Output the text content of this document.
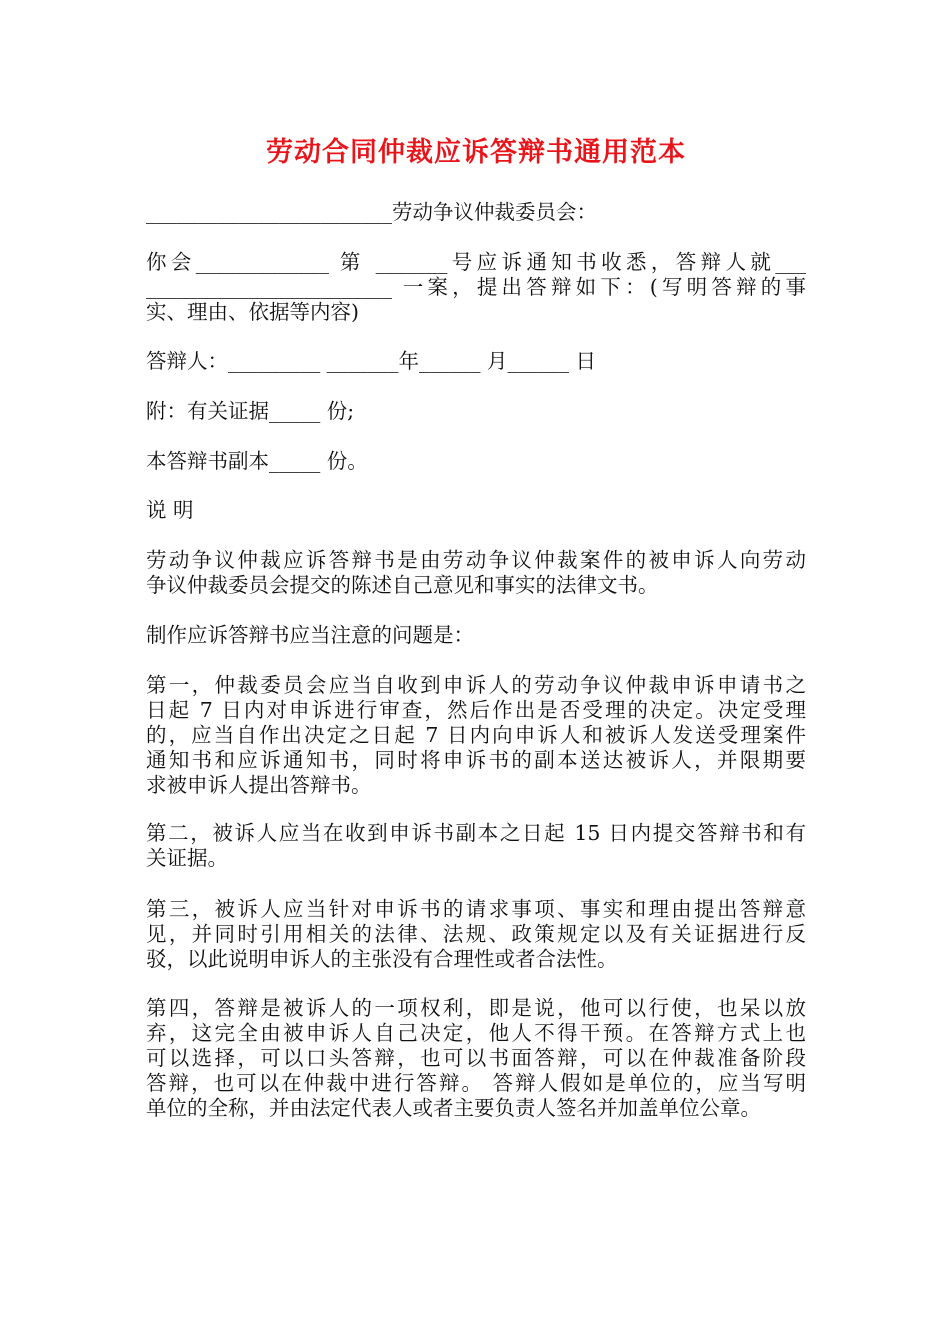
劳动合同仲裁应诉答辩书通用范本
________________________劳动争议仲裁委员会：
你会_____________ 第 _______号应诉通知书收悉，答辩人就___
________________________ 一案，提出答辩如下：(写明答辩的事
实、理由、依据等内容)
答辩人：_________ _______年______ 月______ 日
附：有关证据_____ 份;
本答辩书副本_____ 份。
说 明
劳动争议仲裁应诉答辩书是由劳动争议仲裁案件的被申诉人向劳动
争议仲裁委员会提交的陈述自己意见和事实的法律文书。
制作应诉答辩书应当注意的问题是：
第一，仲裁委员会应当自收到申诉人的劳动争议仲裁申诉申请书之
日起 7 日内对申诉进行审查，然后作出是否受理的决定。决定受理
的，应当自作出决定之日起 7 日内向申诉人和被诉人发送受理案件
通知书和应诉通知书，同时将申诉书的副本送达被诉人，并限期要
求被申诉人提出答辩书。
第二，被诉人应当在收到申诉书副本之日起 15 日内提交答辩书和有
关证据。
第三，被诉人应当针对申诉书的请求事项、事实和理由提出答辩意
见，并同时引用相关的法律、法规、政策规定以及有关证据进行反
驳，以此说明申诉人的主张没有合理性或者合法性。
第四，答辩是被诉人的一项权利，即是说，他可以行使，也呆以放
弃，这完全由被申诉人自己决定，他人不得干预。在答辩方式上也
可以选择，可以口头答辩，也可以书面答辩，可以在仲裁准备阶段
答辩，也可以在仲裁中进行答辩。 答辩人假如是单位的，应当写明
单位的全称，并由法定代表人或者主要负责人签名并加盖单位公章。
